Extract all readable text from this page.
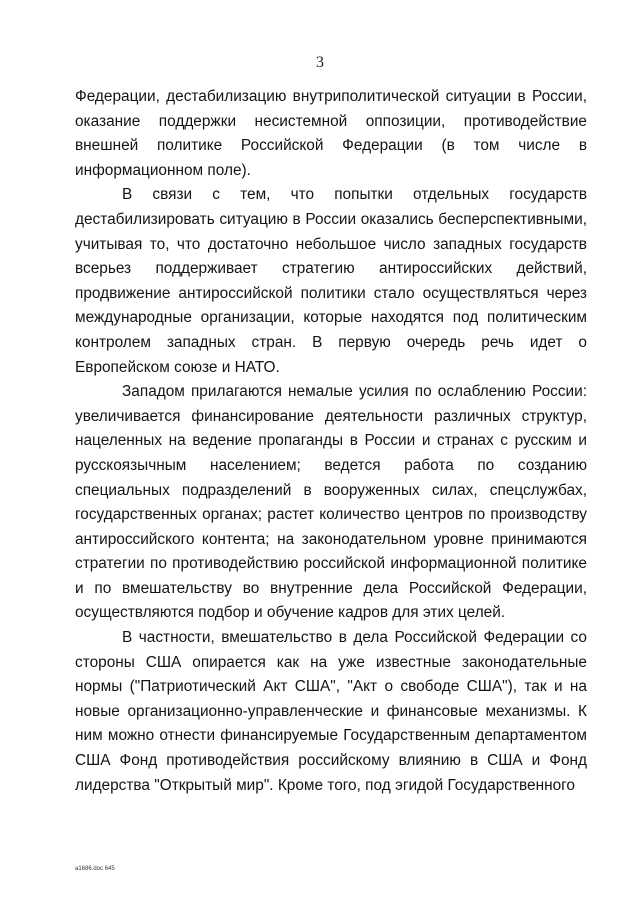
3

Федерации, дестабилизацию внутриполитической ситуации в России, оказание поддержки несистемной оппозиции, противодействие внешней политике Российской Федерации (в том числе в информационном поле).

В связи с тем, что попытки отдельных государств дестабилизировать ситуацию в России оказались бесперспективными, учитывая то, что достаточно небольшое число западных государств всерьез поддерживает стратегию антироссийских действий, продвижение антироссийской политики стало осуществляться через международные организации, которые находятся под политическим контролем западных стран. В первую очередь речь идет о Европейском союзе и НАТО.

Западом прилагаются немалые усилия по ослаблению России: увеличивается финансирование деятельности различных структур, нацеленных на ведение пропаганды в России и странах с русским и русскоязычным населением; ведется работа по созданию специальных подразделений в вооруженных силах, спецслужбах, государственных органах; растет количество центров по производству антироссийского контента; на законодательном уровне принимаются стратегии по противодействию российской информационной политике и по вмешательству во внутренние дела Российской Федерации, осуществляются подбор и обучение кадров для этих целей.

В частности, вмешательство в дела Российской Федерации со стороны США опирается как на уже известные законодательные нормы ("Патриотический Акт США", "Акт о свободе США"), так и на новые организационно-управленческие и финансовые механизмы. К ним можно отнести финансируемые Государственным департаментом США Фонд противодействия российскому влиянию в США и Фонд лидерства "Открытый мир". Кроме того, под эгидой Государственного

a1686.doc 645
